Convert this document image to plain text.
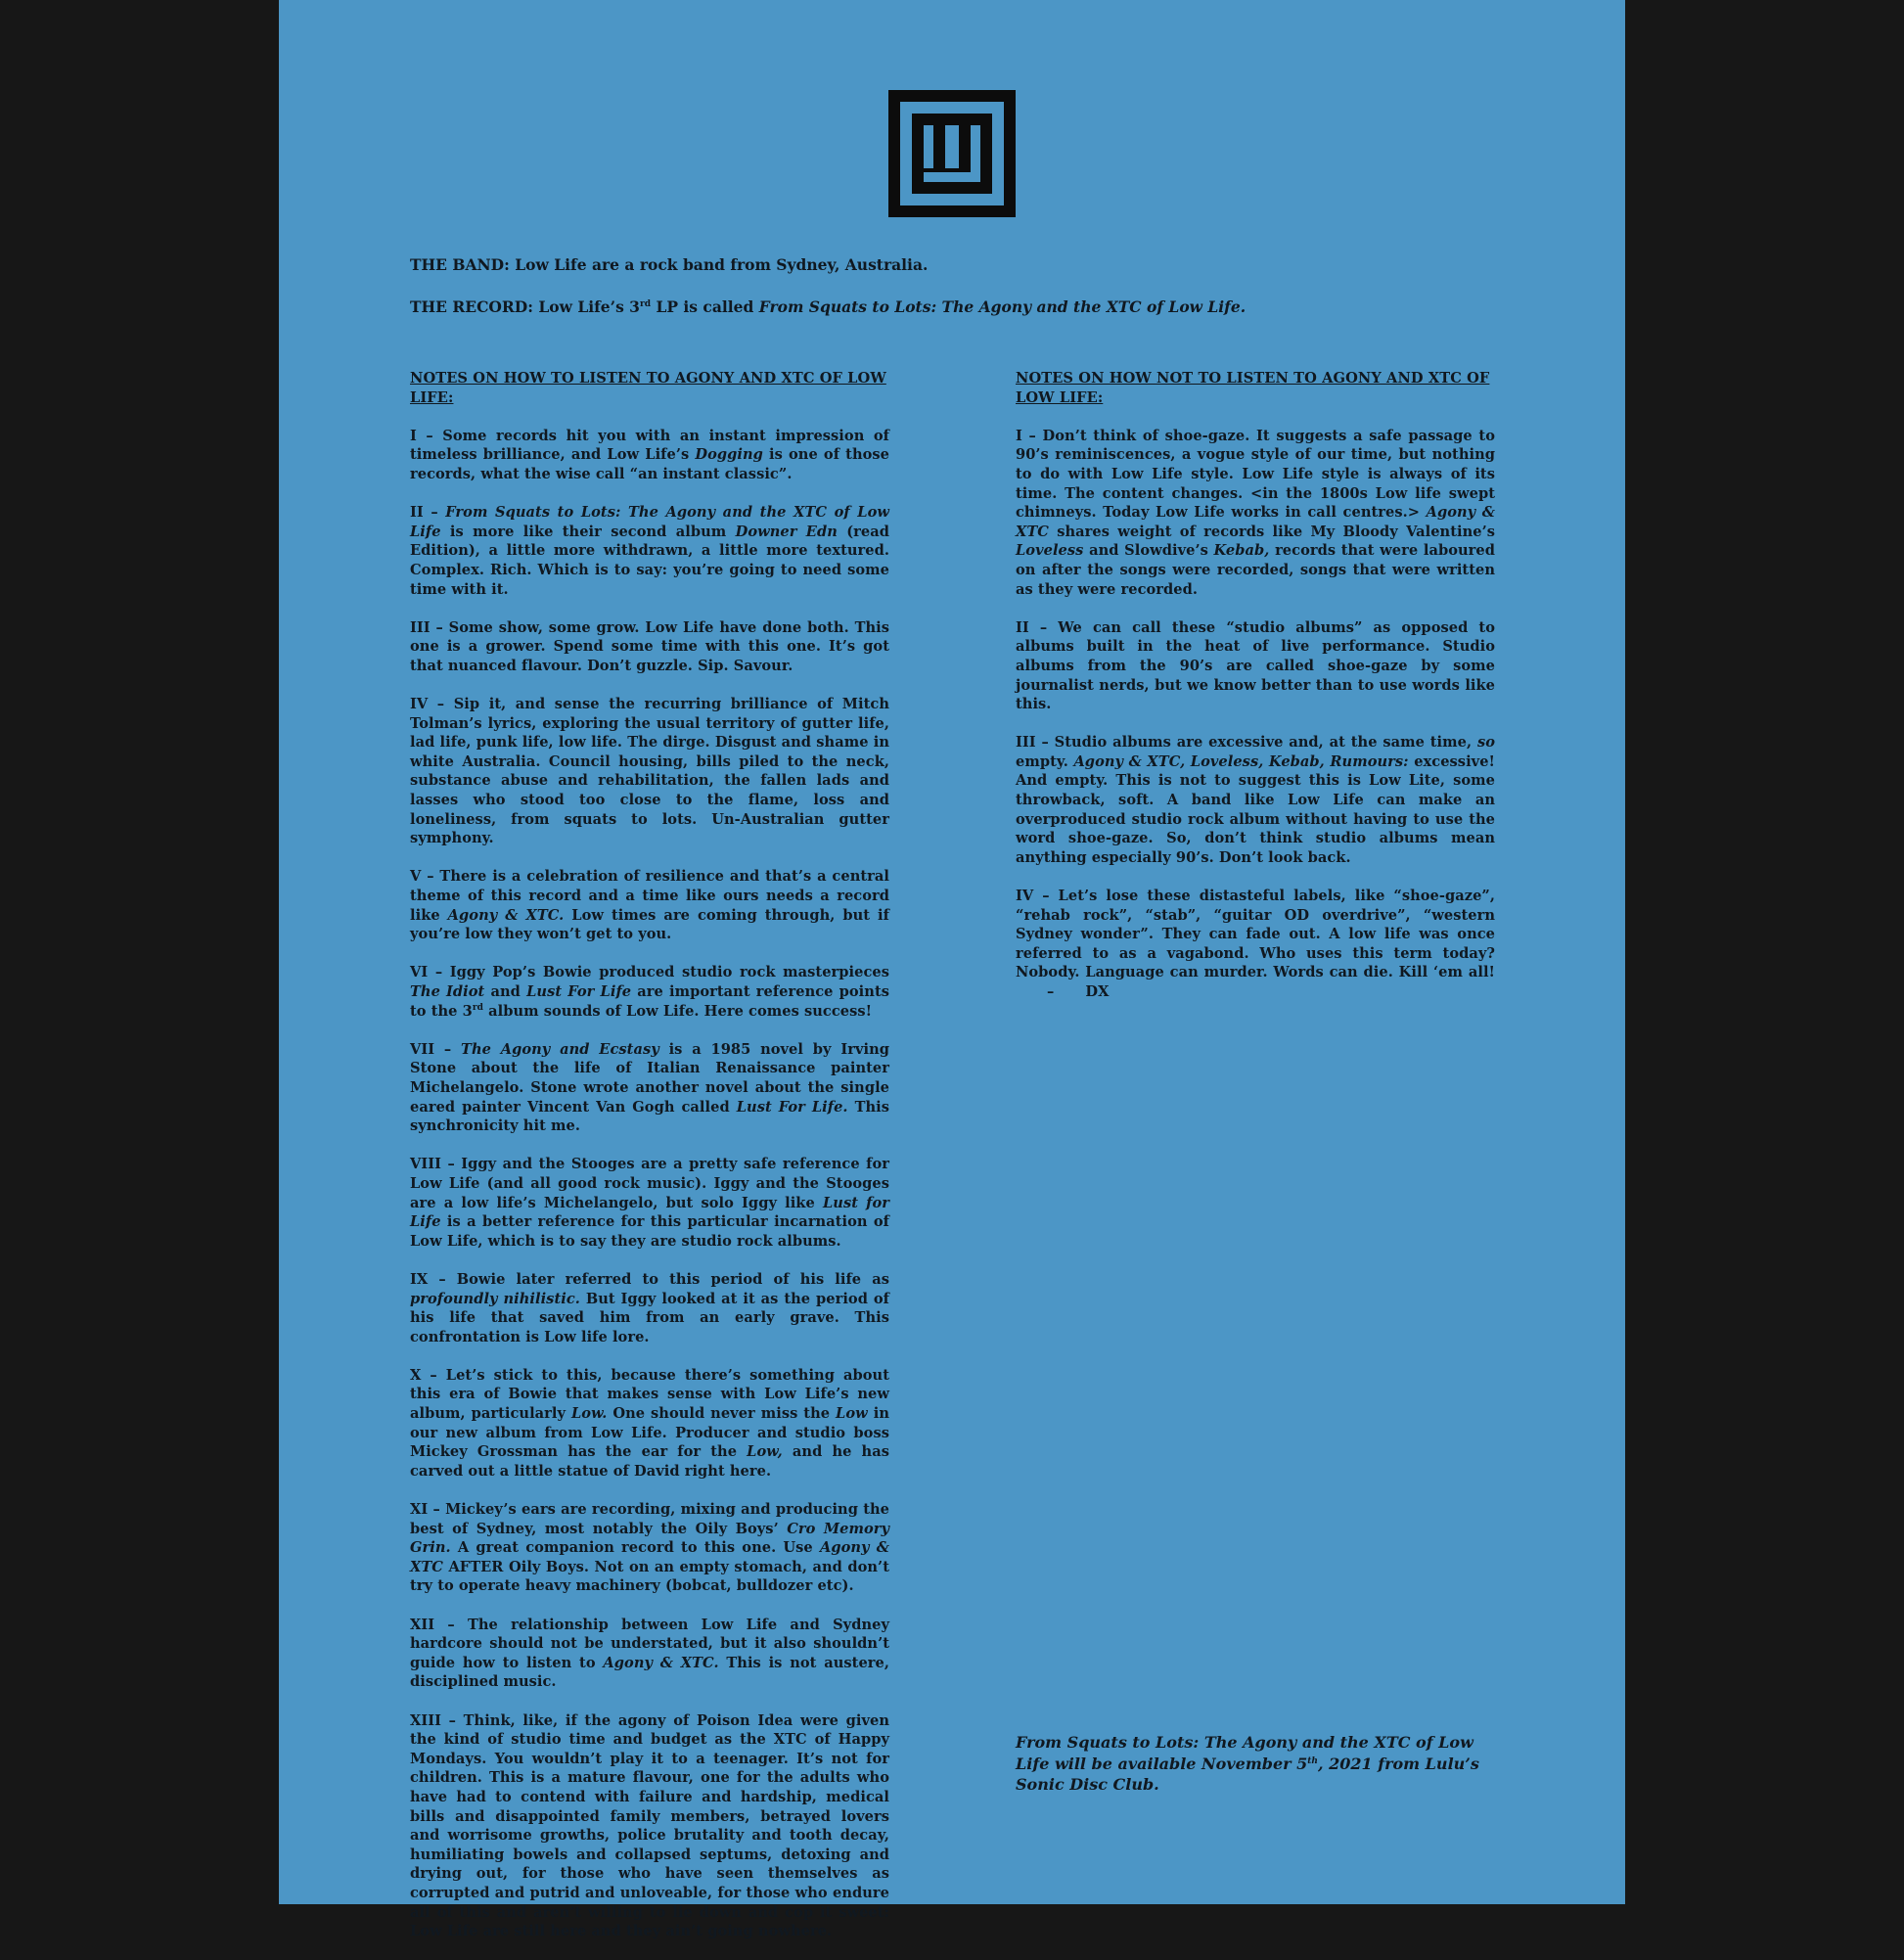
THE BAND: Low Life are a rock band from Sydney, Australia.

THE RECORD: Low Life’s 3rd LP is called From Squats to Lots: The Agony and the XTC of Low Life.

NOTES ON HOW TO LISTEN TO AGONY AND XTC OF LOW LIFE:

I – Some records hit you with an instant impression of timeless brilliance, and Low Life’s Dogging is one of those records, what the wise call “an instant classic”.

II – From Squats to Lots: The Agony and the XTC of Low Life is more like their second album Downer Edn (read Edition), a little more withdrawn, a little more textured. Complex. Rich. Which is to say: you’re going to need some time with it.

III – Some show, some grow. Low Life have done both. This one is a grower. Spend some time with this one. It’s got that nuanced flavour. Don’t guzzle. Sip. Savour.

IV – Sip it, and sense the recurring brilliance of Mitch Tolman’s lyrics, exploring the usual territory of gutter life, lad life, punk life, low life. The dirge. Disgust and shame in white Australia. Council housing, bills piled to the neck, substance abuse and rehabilitation, the fallen lads and lasses who stood too close to the flame, loss and loneliness, from squats to lots. Un-Australian gutter symphony.

V – There is a celebration of resilience and that’s a central theme of this record and a time like ours needs a record like Agony & XTC. Low times are coming through, but if you’re low they won’t get to you.

VI – Iggy Pop’s Bowie produced studio rock masterpieces The Idiot and Lust For Life are important reference points to the 3rd album sounds of Low Life. Here comes success!

VII – The Agony and Ecstasy is a 1985 novel by Irving Stone about the life of Italian Renaissance painter Michelangelo. Stone wrote another novel about the single eared painter Vincent Van Gogh called Lust For Life. This synchronicity hit me.

VIII – Iggy and the Stooges are a pretty safe reference for Low Life (and all good rock music). Iggy and the Stooges are a low life’s Michelangelo, but solo Iggy like Lust for Life is a better reference for this particular incarnation of Low Life, which is to say they are studio rock albums.

IX – Bowie later referred to this period of his life as profoundly nihilistic. But Iggy looked at it as the period of his life that saved him from an early grave. This confrontation is Low life lore.

X – Let’s stick to this, because there’s something about this era of Bowie that makes sense with Low Life’s new album, particularly Low. One should never miss the Low in our new album from Low Life. Producer and studio boss Mickey Grossman has the ear for the Low, and he has carved out a little statue of David right here.

XI – Mickey’s ears are recording, mixing and producing the best of Sydney, most notably the Oily Boys’ Cro Memory Grin. A great companion record to this one. Use Agony & XTC AFTER Oily Boys. Not on an empty stomach, and don’t try to operate heavy machinery (bobcat, bulldozer etc).

XII – The relationship between Low Life and Sydney hardcore should not be understated, but it also shouldn’t guide how to listen to Agony & XTC. This is not austere, disciplined music.

XIII – Think, like, if the agony of Poison Idea were given the kind of studio time and budget as the XTC of Happy Mondays. You wouldn’t play it to a teenager. It’s not for children. This is a mature flavour, one for the adults who have had to contend with failure and hardship, medical bills and disappointed family members, betrayed lovers and worrisome growths, police brutality and tooth decay, humiliating bowels and collapsed septums, detoxing and drying out, for those who have seen themselves as corrupted and putrid and unloveable, for those who endure all of this and aren’t willing to lie down and cop it sweet: Low Life are still here and they ain’t going nowhere.

NOTES ON HOW NOT TO LISTEN TO AGONY AND XTC OF LOW LIFE:

I – Don’t think of shoe-gaze. It suggests a safe passage to 90’s reminiscences, a vogue style of our time, but nothing to do with Low Life style. Low Life style is always of its time. The content changes. <in the 1800s Low life swept chimneys. Today Low Life works in call centres.> Agony & XTC shares weight of records like My Bloody Valentine’s Loveless and Slowdive’s Kebab, records that were laboured on after the songs were recorded, songs that were written as they were recorded.

II – We can call these “studio albums” as opposed to albums built in the heat of live performance. Studio albums from the 90’s are called shoe-gaze by some journalist nerds, but we know better than to use words like this.

III – Studio albums are excessive and, at the same time, so empty. Agony & XTC, Loveless, Kebab, Rumours: excessive! And empty. This is not to suggest this is Low Lite, some throwback, soft. A band like Low Life can make an overproduced studio rock album without having to use the word shoe-gaze. So, don’t think studio albums mean anything especially 90’s. Don’t look back.

IV – Let’s lose these distasteful labels, like “shoe-gaze”, “rehab rock”, “stab”, “guitar OD overdrive”, “western Sydney wonder”. They can fade out. A low life was once referred to as a vagabond. Who uses this term today? Nobody. Language can murder. Words can die. Kill ‘em all!– DX

From Squats to Lots: The Agony and the XTC of Low Life will be available November 5th, 2021 from Lulu’s Sonic Disc Club.
